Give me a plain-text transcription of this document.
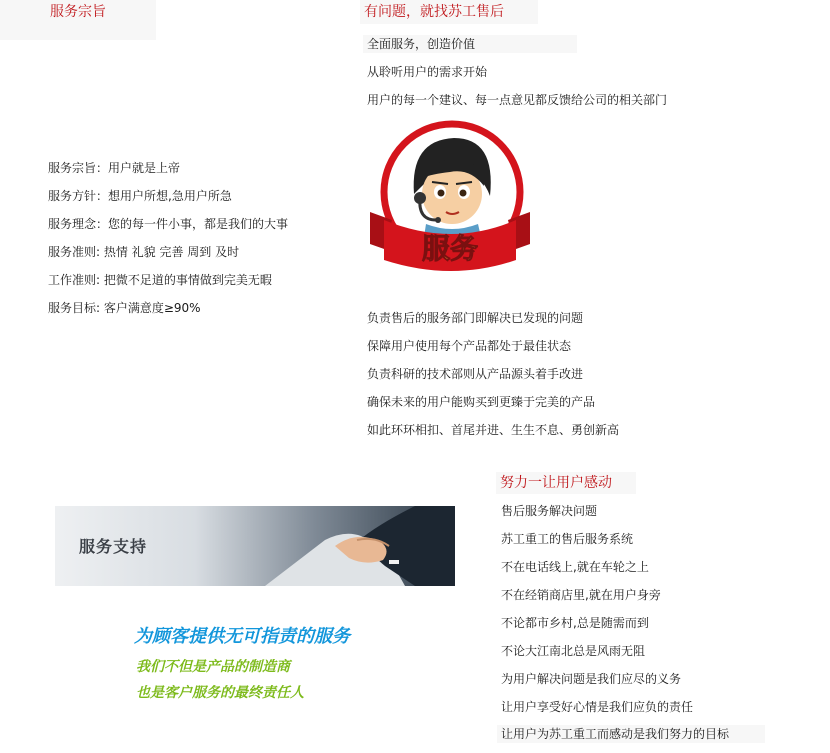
服务宗旨	有问题，就找苏工售后
服务宗旨：用户就是上帝
服务方针：想用户所想,急用户所急
服务理念：您的每一件小事，都是我们的大事
服务准则: 热情 礼貌 完善 周到 及时
工作准则: 把微不足道的事情做到完美无暇
服务目标: 客户满意度≥90%
全面服务，创造价值
从聆听用户的需求开始
用户的每一个建议、每一点意见都反馈给公司的相关部门
服务
负责售后的服务部门即解决已发现的问题
保障用户使用每个产品都处于最佳状态
负责科研的技术部则从产品源头着手改进
确保未来的用户能购买到更臻于完美的产品
如此环环相扣、首尾并进、生生不息、勇创新高
服务支持
为顾客提供无可指责的服务
我们不但是产品的制造商
也是客户服务的最终责任人
努力一让用户感动
售后服务解决问题
苏工重工的售后服务系统
不在电话线上,就在车轮之上
不在经销商店里,就在用户身旁
不论都市乡村,总是随需而到
不论大江南北总是风雨无阻
为用户解决问题是我们应尽的义务
让用户享受好心情是我们应负的责任
让用户为苏工重工而感动是我们努力的目标
